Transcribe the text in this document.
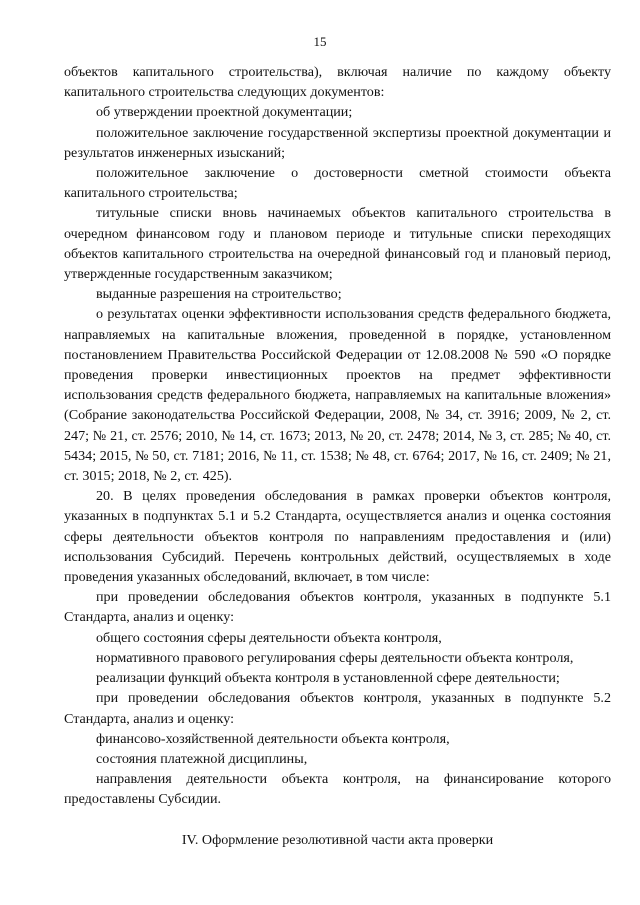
15

объектов капитального строительства), включая наличие по каждому объекту капитального строительства следующих документов:

об утверждении проектной документации;

положительное заключение государственной экспертизы проектной документации и результатов инженерных изысканий;

положительное заключение о достоверности сметной стоимости объекта капитального строительства;

титульные списки вновь начинаемых объектов капитального строительства в очередном финансовом году и плановом периоде и титульные списки переходящих объектов капитального строительства на очередной финансовый год и плановый период, утвержденные государственным заказчиком;

выданные разрешения на строительство;

о результатах оценки эффективности использования средств федерального бюджета, направляемых на капитальные вложения, проведенной в порядке, установленном постановлением Правительства Российской Федерации от 12.08.2008 № 590 «О порядке проведения проверки инвестиционных проектов на предмет эффективности использования средств федерального бюджета, направляемых на капитальные вложения» (Собрание законодательства Российской Федерации, 2008, № 34, ст. 3916; 2009, № 2, ст. 247; № 21, ст. 2576; 2010, № 14, ст. 1673; 2013, № 20, ст. 2478; 2014, № 3, ст. 285; № 40, ст. 5434; 2015, № 50, ст. 7181; 2016, № 11, ст. 1538; № 48, ст. 6764; 2017, № 16, ст. 2409; № 21, ст. 3015; 2018, № 2, ст. 425).

20. В целях проведения обследования в рамках проверки объектов контроля, указанных в подпунктах 5.1 и 5.2 Стандарта, осуществляется анализ и оценка состояния сферы деятельности объектов контроля по направлениям предоставления и (или) использования Субсидий. Перечень контрольных действий, осуществляемых в ходе проведения указанных обследований, включает, в том числе:

при проведении обследования объектов контроля, указанных в подпункте 5.1 Стандарта, анализ и оценку:

общего состояния сферы деятельности объекта контроля,

нормативного правового регулирования сферы деятельности объекта контроля,

реализации функций объекта контроля в установленной сфере деятельности;

при проведении обследования объектов контроля, указанных в подпункте 5.2 Стандарта, анализ и оценку:

финансово-хозяйственной деятельности объекта контроля,

состояния платежной дисциплины,

направления деятельности объекта контроля, на финансирование которого предоставлены Субсидии.

IV. Оформление резолютивной части акта проверки
